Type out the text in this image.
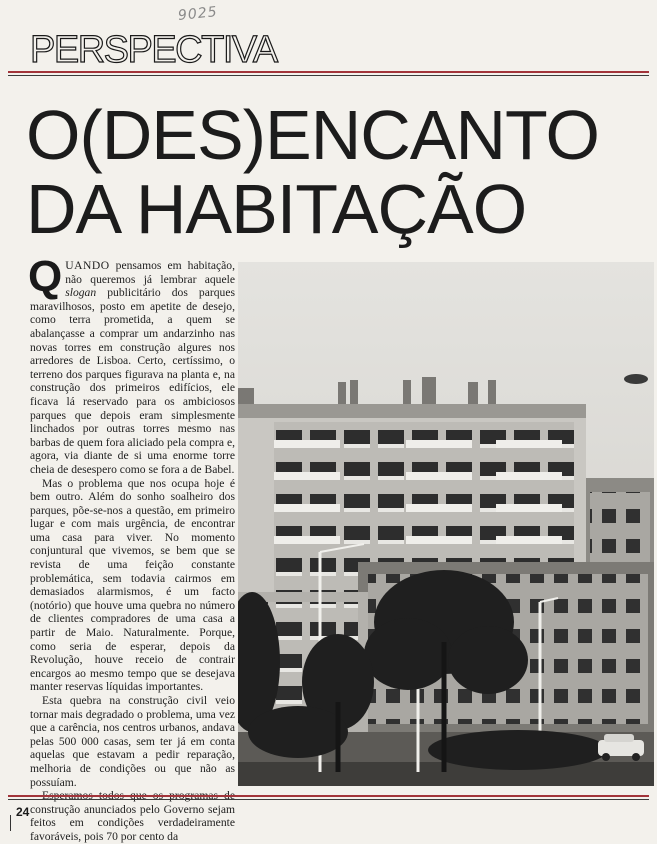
9025
PERSPECTIVA
O(DES)ENCANTO
DA HABITAÇÃO

QUANDO pensamos em habitação, não queremos já lembrar aquele slogan publicitário dos parques maravilhosos, posto em apetite de desejo, como terra prometida, a quem se abalançasse a comprar um andarzinho nas novas torres em construção algures nos arredores de Lisboa. Certo, certíssimo, o terreno dos parques figurava na planta e, na construção dos primeiros edifícios, ele ficava lá reservado para os ambiciosos parques que depois eram simplesmente linchados por outras torres mesmo nas barbas de quem fora aliciado pela compra e, agora, via diante de si uma enorme torre cheia de desespero como se fora a de Babel.

Mas o problema que nos ocupa hoje é bem outro. Além do sonho soalheiro dos parques, põe-se-nos a questão, em primeiro lugar e com mais urgência, de encontrar uma casa para viver. No momento conjuntural que vivemos, se bem que se revista de uma feição constante problemática, sem todavia cairmos em demasiados alarmismos, é um facto (notório) que houve uma quebra no número de clientes compradores de uma casa a partir de Maio. Naturalmente. Porque, como seria de esperar, depois da Revolução, houve receio de contrair encargos ao mesmo tempo que se desejava manter reservas líquidas importantes.

Esta quebra na construção civil veio tornar mais degradado o problema, uma vez que a carência, nos centros urbanos, andava pelas 500 000 casas, sem ter já em conta aquelas que estavam a pedir reparação, melhoria de condições ou que não as possuíam.

construção anunciados pelo Governo sejam feitos em condições verdadeiramente favoráveis, pois 70 por cento da

24
